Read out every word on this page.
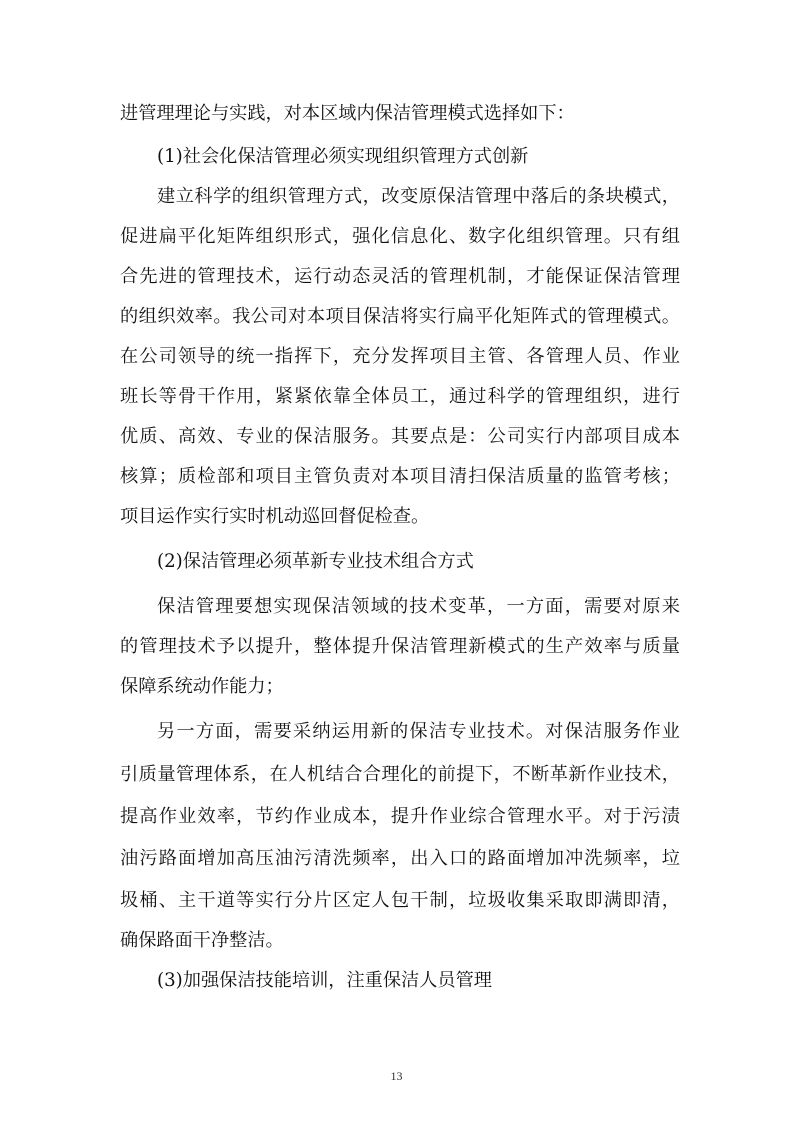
进管理理论与实践，对本区域内保洁管理模式选择如下：
(1)社会化保洁管理必须实现组织管理方式创新
建立科学的组织管理方式，改变原保洁管理中落后的条块模式，
促进扁平化矩阵组织形式，强化信息化、数字化组织管理。只有组
合先进的管理技术，运行动态灵活的管理机制，才能保证保洁管理
的组织效率。我公司对本项目保洁将实行扁平化矩阵式的管理模式。
在公司领导的统一指挥下，充分发挥项目主管、各管理人员、作业
班长等骨干作用，紧紧依靠全体员工，通过科学的管理组织，进行
优质、高效、专业的保洁服务。其要点是：公司实行内部项目成本
核算；质检部和项目主管负责对本项目清扫保洁质量的监管考核；
项目运作实行实时机动巡回督促检查。
(2)保洁管理必须革新专业技术组合方式
保洁管理要想实现保洁领域的技术变革，一方面，需要对原来
的管理技术予以提升，整体提升保洁管理新模式的生产效率与质量
保障系统动作能力；
另一方面，需要采纳运用新的保洁专业技术。对保洁服务作业
引质量管理体系，在人机结合合理化的前提下，不断革新作业技术，
提高作业效率，节约作业成本，提升作业综合管理水平。对于污渍
油污路面增加高压油污清洗频率，出入口的路面增加冲洗频率，垃
圾桶、主干道等实行分片区定人包干制，垃圾收集采取即满即清，
确保路面干净整洁。
(3)加强保洁技能培训，注重保洁人员管理
13
